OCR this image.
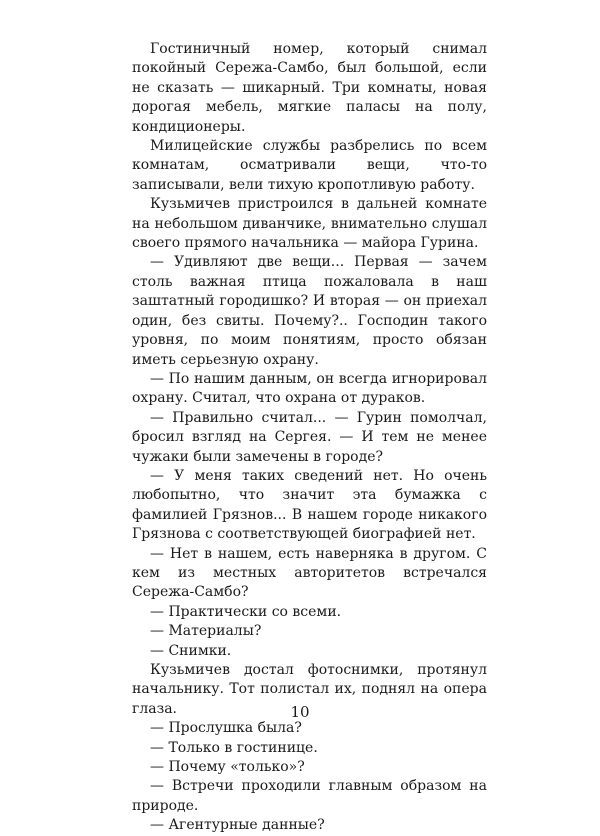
Гостиничный номер, который снимал покойный Сережа-Самбо, был большой, если не сказать — шикарный. Три комнаты, новая дорогая мебель, мягкие паласы на полу, кондиционеры.

Милицейские службы разбрелись по всем комнатам, осматривали вещи, что-то записывали, вели тихую кропотливую работу.

Кузьмичев пристроился в дальней комнате на небольшом диванчике, внимательно слушал своего прямого начальника — майора Гурина.

— Удивляют две вещи... Первая — зачем столь важная птица пожаловала в наш заштатный городишко? И вторая — он приехал один, без свиты. Почему?.. Господин такого уровня, по моим понятиям, просто обязан иметь серьезную охрану.

— По нашим данным, он всегда игнорировал охрану. Считал, что охрана от дураков.

— Правильно считал... — Гурин помолчал, бросил взгляд на Сергея. — И тем не менее чужаки были замечены в городе?

— У меня таких сведений нет. Но очень любопытно, что значит эта бумажка с фамилией Грязнов... В нашем городе никакого Грязнова с соответствующей биографией нет.

— Нет в нашем, есть наверняка в другом. С кем из местных авторитетов встречался Сережа-Самбо?

— Практически со всеми.

— Материалы?

— Снимки.

Кузьмичев достал фотоснимки, протянул начальнику. Тот полистал их, поднял на опера глаза.

— Прослушка была?

— Только в гостинице.

— Почему «только»?

— Встречи проходили главным образом на природе.

— Агентурные данные?

10
